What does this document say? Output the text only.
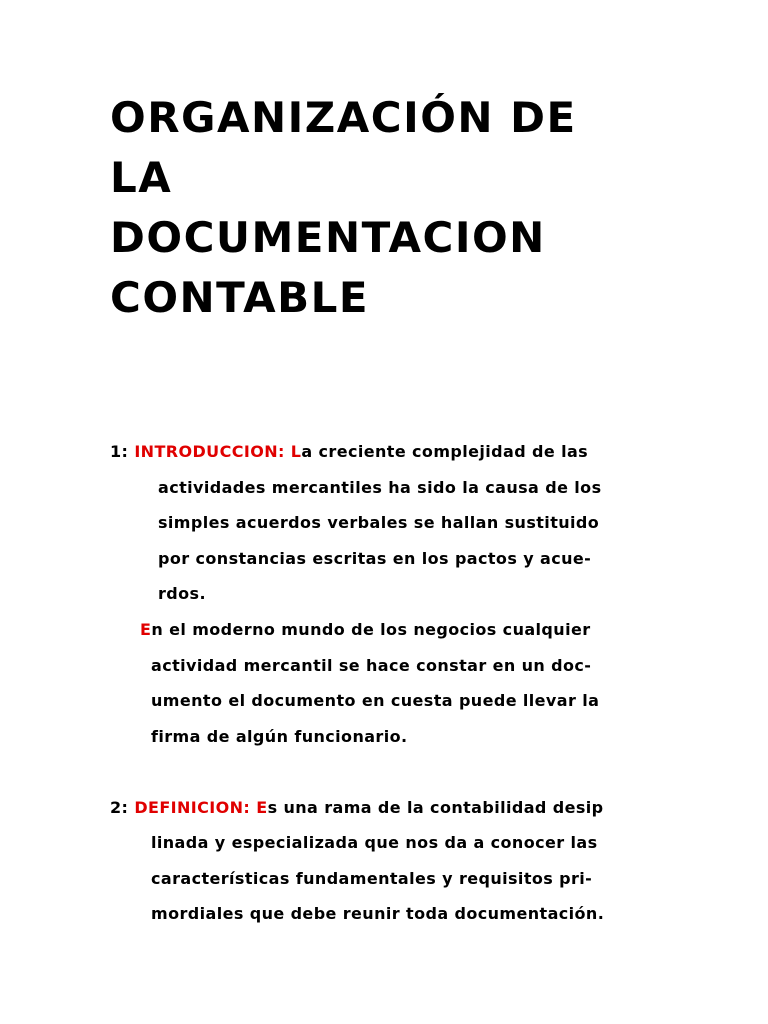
ORGANIZACIÓN DE
LA
DOCUMENTACION
CONTABLE
1: INTRODUCCION: La creciente complejidad de las
actividades mercantiles ha sido la causa de los
simples acuerdos verbales se hallan sustituido
por constancias escritas en los pactos y acue-
rdos.
En el moderno mundo de los negocios cualquier
actividad mercantil se hace constar en un doc-
umento el documento en cuesta puede llevar la
firma de algún funcionario.
2: DEFINICION: Es una rama de la contabilidad desip
linada y especializada que nos da a conocer las
características fundamentales y requisitos pri-
mordiales que debe reunir toda documentación.
